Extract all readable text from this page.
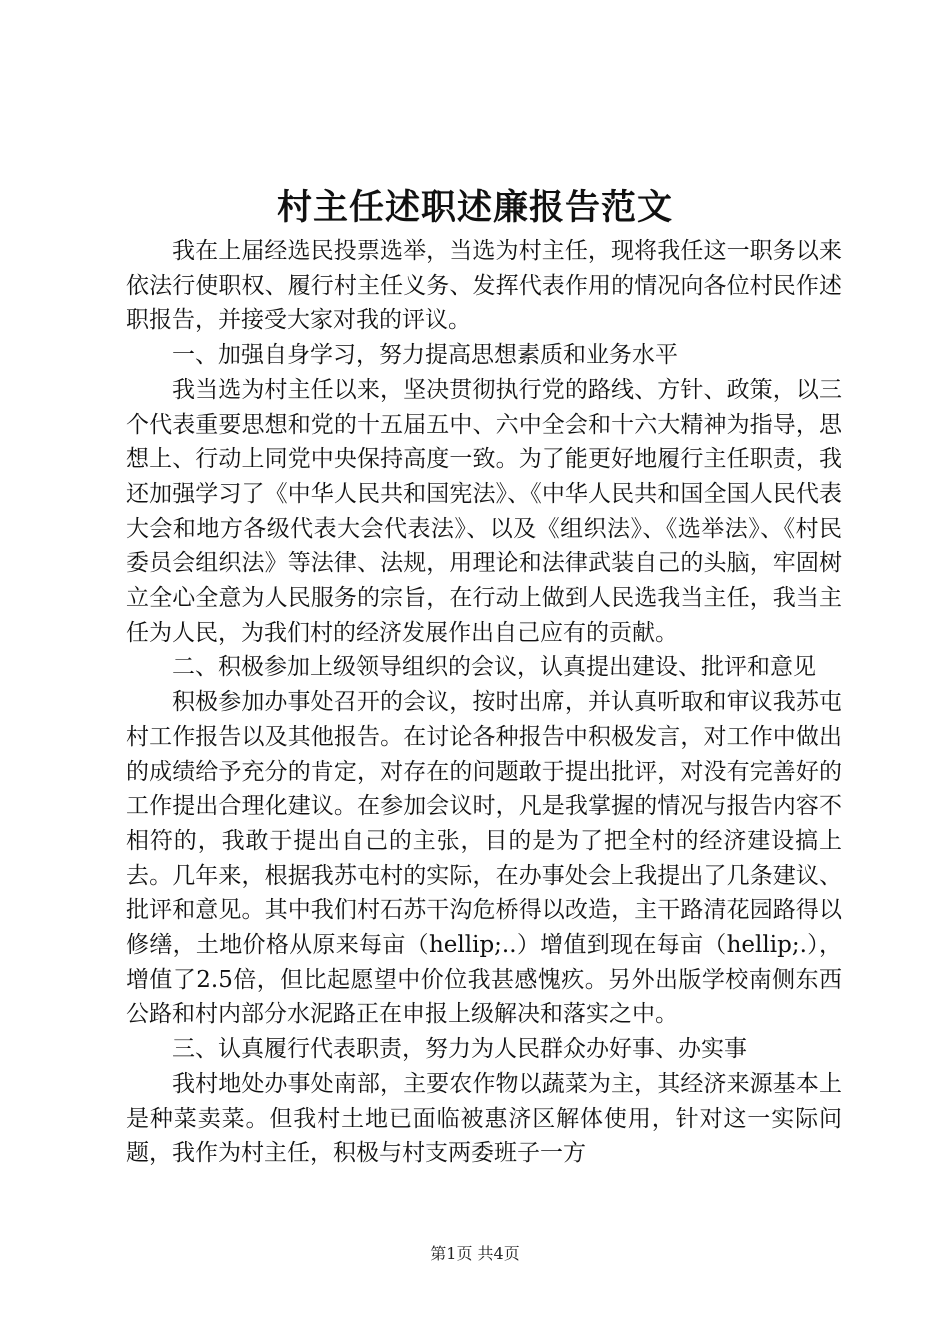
村主任述职述廉报告范文

我在上届经选民投票选举，当选为村主任，现将我任这一职务以来依法行使职权、履行村主任义务、发挥代表作用的情况向各位村民作述职报告，并接受大家对我的评议。

一、加强自身学习，努力提高思想素质和业务水平

我当选为村主任以来，坚决贯彻执行党的路线、方针、政策，以三个代表重要思想和党的十五届五中、六中全会和十六大精神为指导，思想上、行动上同党中央保持高度一致。为了能更好地履行主任职责，我还加强学习了《中华人民共和国宪法》、《中华人民共和国全国人民代表大会和地方各级代表大会代表法》、以及《组织法》、《选举法》、《村民委员会组织法》等法律、法规，用理论和法律武装自己的头脑，牢固树立全心全意为人民服务的宗旨，在行动上做到人民选我当主任，我当主任为人民，为我们村的经济发展作出自己应有的贡献。

二、积极参加上级领导组织的会议，认真提出建设、批评和意见

积极参加办事处召开的会议，按时出席，并认真听取和审议我苏屯村工作报告以及其他报告。在讨论各种报告中积极发言，对工作中做出的成绩给予充分的肯定，对存在的问题敢于提出批评，对没有完善好的工作提出合理化建议。在参加会议时，凡是我掌握的情况与报告内容不相符的，我敢于提出自己的主张，目的是为了把全村的经济建设搞上去。几年来，根据我苏屯村的实际，在办事处会上我提出了几条建议、批评和意见。其中我们村石苏干沟危桥得以改造，主干路清花园路得以修缮，土地价格从原来每亩（hellip;..）增值到现在每亩（hellip;.），增值了2.5倍，但比起愿望中价位我甚感愧疚。另外出版学校南侧东西公路和村内部分水泥路正在申报上级解决和落实之中。

三、认真履行代表职责，努力为人民群众办好事、办实事

我村地处办事处南部，主要农作物以蔬菜为主，其经济来源基本上是种菜卖菜。但我村土地已面临被惠济区解体使用，针对这一实际问题，我作为村主任，积极与村支两委班子一方

第1页 共4页
